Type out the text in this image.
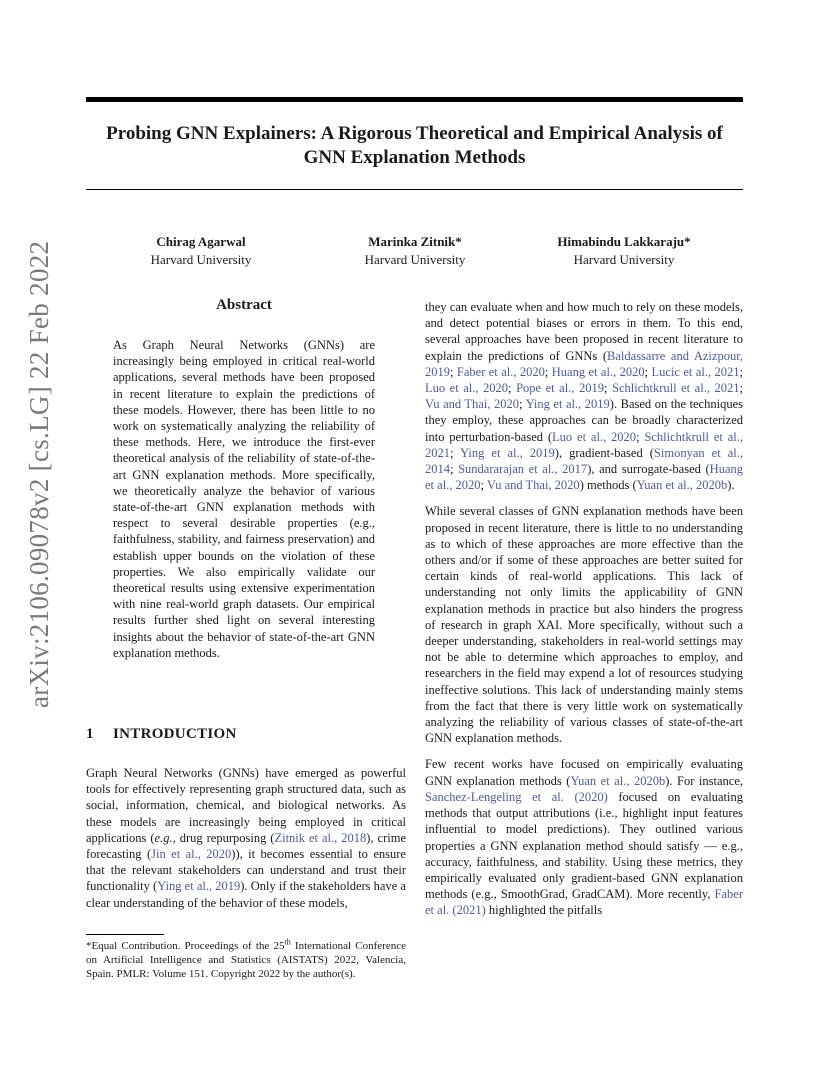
Probing GNN Explainers: A Rigorous Theoretical and Empirical Analysis of GNN Explanation Methods
Chirag Agarwal
Harvard University
Marinka Zitnik*
Harvard University
Himabindu Lakkaraju*
Harvard University
arXiv:2106.09078v2 [cs.LG] 22 Feb 2022	Abstract
As Graph Neural Networks (GNNs) are increasingly being employed in critical real-world applications, several methods have been proposed in recent literature to explain the predictions of these models. However, there has been little to no work on systematically analyzing the reliability of these methods. Here, we introduce the first-ever theoretical analysis of the reliability of state-of-the-art GNN explanation methods. More specifically, we theoretically analyze the behavior of various state-of-the-art GNN explanation methods with respect to several desirable properties (e.g., faithfulness, stability, and fairness preservation) and establish upper bounds on the violation of these properties. We also empirically validate our theoretical results using extensive experimentation with nine real-world graph datasets. Our empirical results further shed light on several interesting insights about the behavior of state-of-the-art GNN explanation methods.
1 INTRODUCTION
Graph Neural Networks (GNNs) have emerged as powerful tools for effectively representing graph structured data, such as social, information, chemical, and biological networks. As these models are increasingly being employed in critical applications (e.g., drug repurposing (Zitnik et al., 2018), crime forecasting (Jin et al., 2020)), it becomes essential to ensure that the relevant stakeholders can understand and trust their functionality (Ying et al., 2019). Only if the stakeholders have a clear understanding of the behavior of these models,
*Equal Contribution. Proceedings of the 25th International Conference on Artificial Intelligence and Statistics (AISTATS) 2022, Valencia, Spain. PMLR: Volume 151. Copyright 2022 by the author(s).

they can evaluate when and how much to rely on these models, and detect potential biases or errors in them. To this end, several approaches have been proposed in recent literature to explain the predictions of GNNs (Baldassarre and Azizpour, 2019; Faber et al., 2020; Huang et al., 2020; Lucic et al., 2021; Luo et al., 2020; Pope et al., 2019; Schlichtkrull et al., 2021; Vu and Thai, 2020; Ying et al., 2019). Based on the techniques they employ, these approaches can be broadly characterized into perturbation-based (Luo et al., 2020; Schlichtkrull et al., 2021; Ying et al., 2019), gradient-based (Simonyan et al., 2014; Sundararajan et al., 2017), and surrogate-based (Huang et al., 2020; Vu and Thai, 2020) methods (Yuan et al., 2020b).

While several classes of GNN explanation methods have been proposed in recent literature, there is little to no understanding as to which of these approaches are more effective than the others and/or if some of these approaches are better suited for certain kinds of real-world applications. This lack of understanding not only limits the applicability of GNN explanation methods in practice but also hinders the progress of research in graph XAI. More specifically, without such a deeper understanding, stakeholders in real-world settings may not be able to determine which approaches to employ, and researchers in the field may expend a lot of resources studying ineffective solutions. This lack of understanding mainly stems from the fact that there is very little work on systematically analyzing the reliability of various classes of state-of-the-art GNN explanation methods.

Few recent works have focused on empirically evaluating GNN explanation methods (Yuan et al., 2020b). For instance, Sanchez-Lengeling et al. (2020) focused on evaluating methods that output attributions (i.e., highlight input features influential to model predictions). They outlined various properties a GNN explanation method should satisfy — e.g., accuracy, faithfulness, and stability. Using these metrics, they empirically evaluated only gradient-based GNN explanation methods (e.g., SmoothGrad, GradCAM). More recently, Faber et al. (2021) highlighted the pitfalls
